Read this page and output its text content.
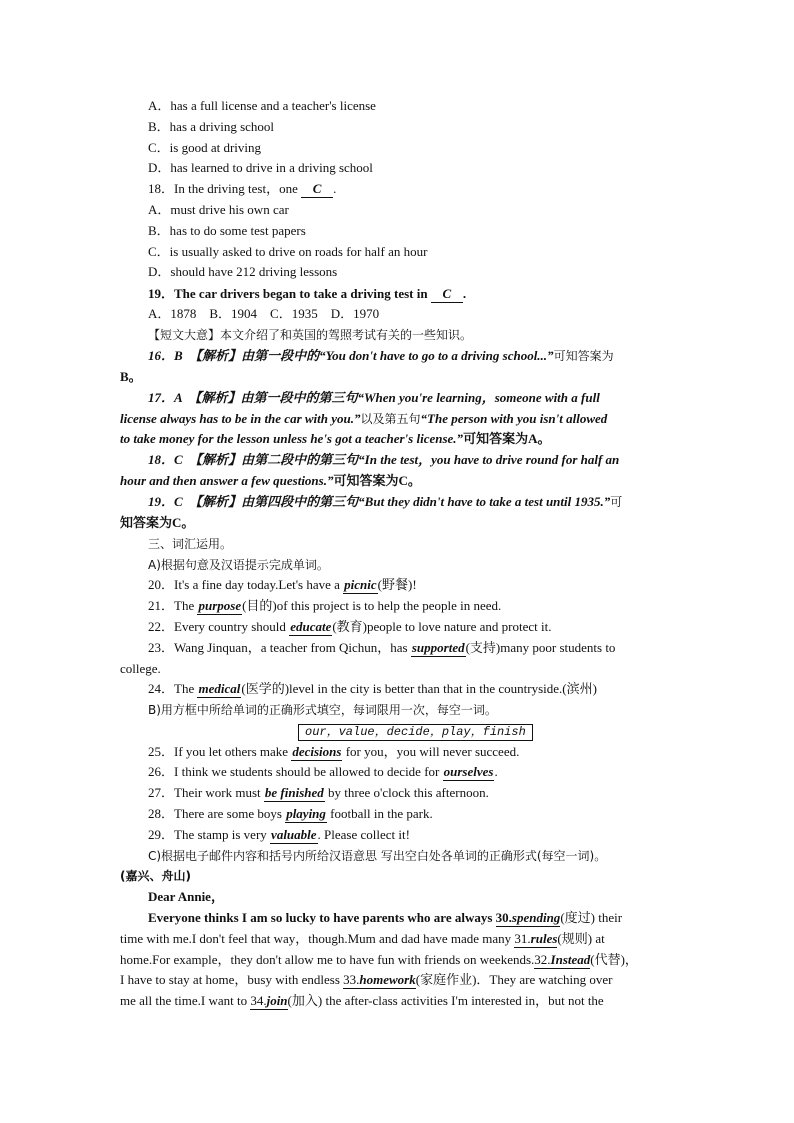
A．has a full license and a teacher's license
B．has a driving school
C．is good at driving
D．has learned to drive in a driving school
18．In the driving test，one C .
A．must drive his own car
B．has to do some test papers
C．is usually asked to drive on roads for half an hour
D．should have 212 driving lessons
19．The car drivers began to take a driving test in C .
A．1878　B．1904　C．1935　D．1970
【短文大意】本文介绍了和英国的驾照考试有关的一些知识。
16．B　【解析】由第一段中的“You don't have to go to a driving school...”可知答案为
B。
17．A　【解析】由第一段中的第三句“When you're learning，someone with a full
license always has to be in the car with you.”以及第五句“The person with you isn't allowed
to take money for the lesson unless he's got a teacher's license.”可知答案为A。
18．C　【解析】由第二段中的第三句“In the test，you have to drive round for half an
hour and then answer a few questions.”可知答案为C。
19．C　【解析】由第四段中的第三句“But they didn't have to take a test until 1935.”可
知答案为C。
三、词汇运用。
A)根据句意及汉语提示完成单词。
20．It's a fine day today.Let's have a picnic(野餐)!
21．The purpose(目的)of this project is to help the people in need.
22．Every country should educate(教育)people to love nature and protect it.
23．Wang Jinquan，a teacher from Qichun，has supported(支持)many poor students to
college.
24．The medical(医学的)level in the city is better than that in the countryside.(滨州)
B)用方框中所给单词的正确形式填空，每词限用一次，每空一词。
our，value，decide，play，finish
25．If you let others make decisions for you，you will never succeed.
26．I think we students should be allowed to decide for ourselves.
27．Their work must be finished by three o'clock this afternoon.
28．There are some boys playing football in the park.
29．The stamp is very valuable. Please collect it!
C)根据电子邮件内容和括号内所给汉语意思 写出空白处各单词的正确形式(每空一词)。
(嘉兴、舟山)
Dear Annie，
Everyone thinks I am so lucky to have parents who are always 30.spending(度过) their
time with me.I don't feel that way，though.Mum and dad have made many 31.rules(规则) at
home.For example，they don't allow me to have fun with friends on weekends.32.Instead(代替)，
I have to stay at home，busy with endless 33.homework(家庭作业)．They are watching over
me all the time.I want to 34.join(加入) the after-class activities I'm interested in，but not the
